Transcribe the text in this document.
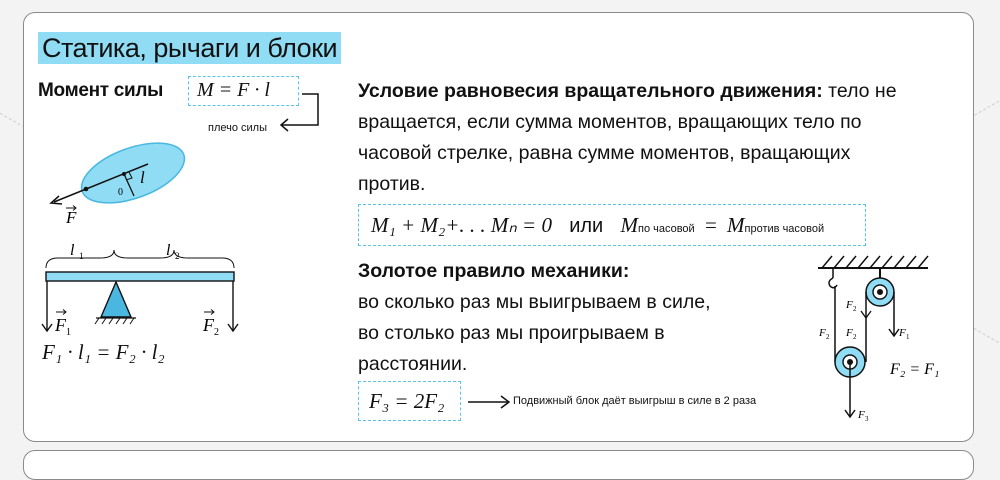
Статика, рычаги и блоки
Момент силы	M = F · l
плечо силы
l
0
F
l 1	l 2
F 1	F 2
F₁ · l₁ = F₂ · l₂
Условие равновесия вращательного движения: тело не
вращается, если сумма моментов, вращающих тело по
часовой стрелке, равна сумме моментов, вращающих
против.
M₁ + M₂+. . . Mₙ = 0 или Mпо часовой = Mпротив часовой
Золотое правило механики:
во сколько раз мы выигрываем в силе,
во столько раз мы проигрываем в
расстоянии.
F₃ = 2F₂	Подвижный блок даёт выигрыш в силе в 2 раза
F 2
F 2
F 2	F 1
F 3
F₂ = F₁
